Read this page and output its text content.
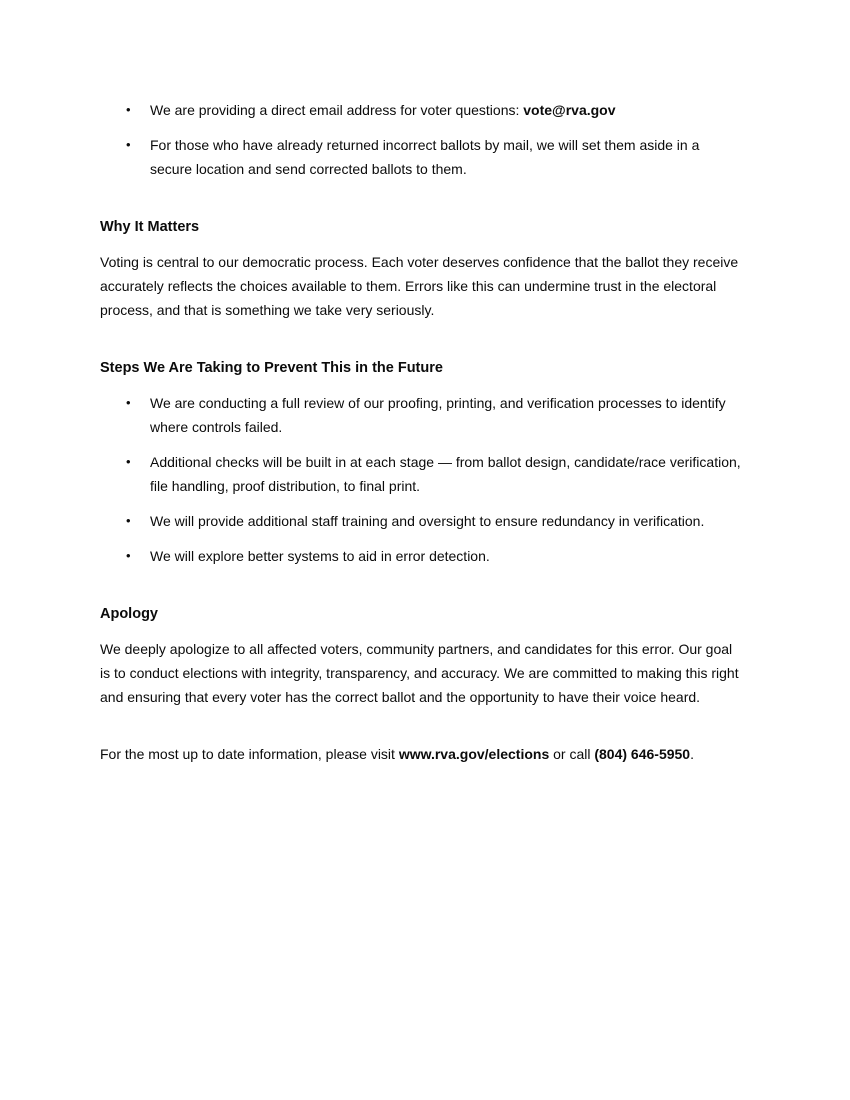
• We are providing a direct email address for voter questions: vote@rva.gov
• For those who have already returned incorrect ballots by mail, we will set them aside in a secure location and send corrected ballots to them.
Why It Matters

Voting is central to our democratic process. Each voter deserves confidence that the ballot they receive accurately reflects the choices available to them. Errors like this can undermine trust in the electoral process, and that is something we take very seriously.

Steps We Are Taking to Prevent This in the Future
• We are conducting a full review of our proofing, printing, and verification processes to identify where controls failed.
• Additional checks will be built in at each stage — from ballot design, candidate/race verification, file handling, proof distribution, to final print.
• We will provide additional staff training and oversight to ensure redundancy in verification.
• We will explore better systems to aid in error detection.
Apology

We deeply apologize to all affected voters, community partners, and candidates for this error. Our goal is to conduct elections with integrity, transparency, and accuracy. We are committed to making this right and ensuring that every voter has the correct ballot and the opportunity to have their voice heard.

For the most up to date information, please visit www.rva.gov/elections or call (804) 646-5950.
